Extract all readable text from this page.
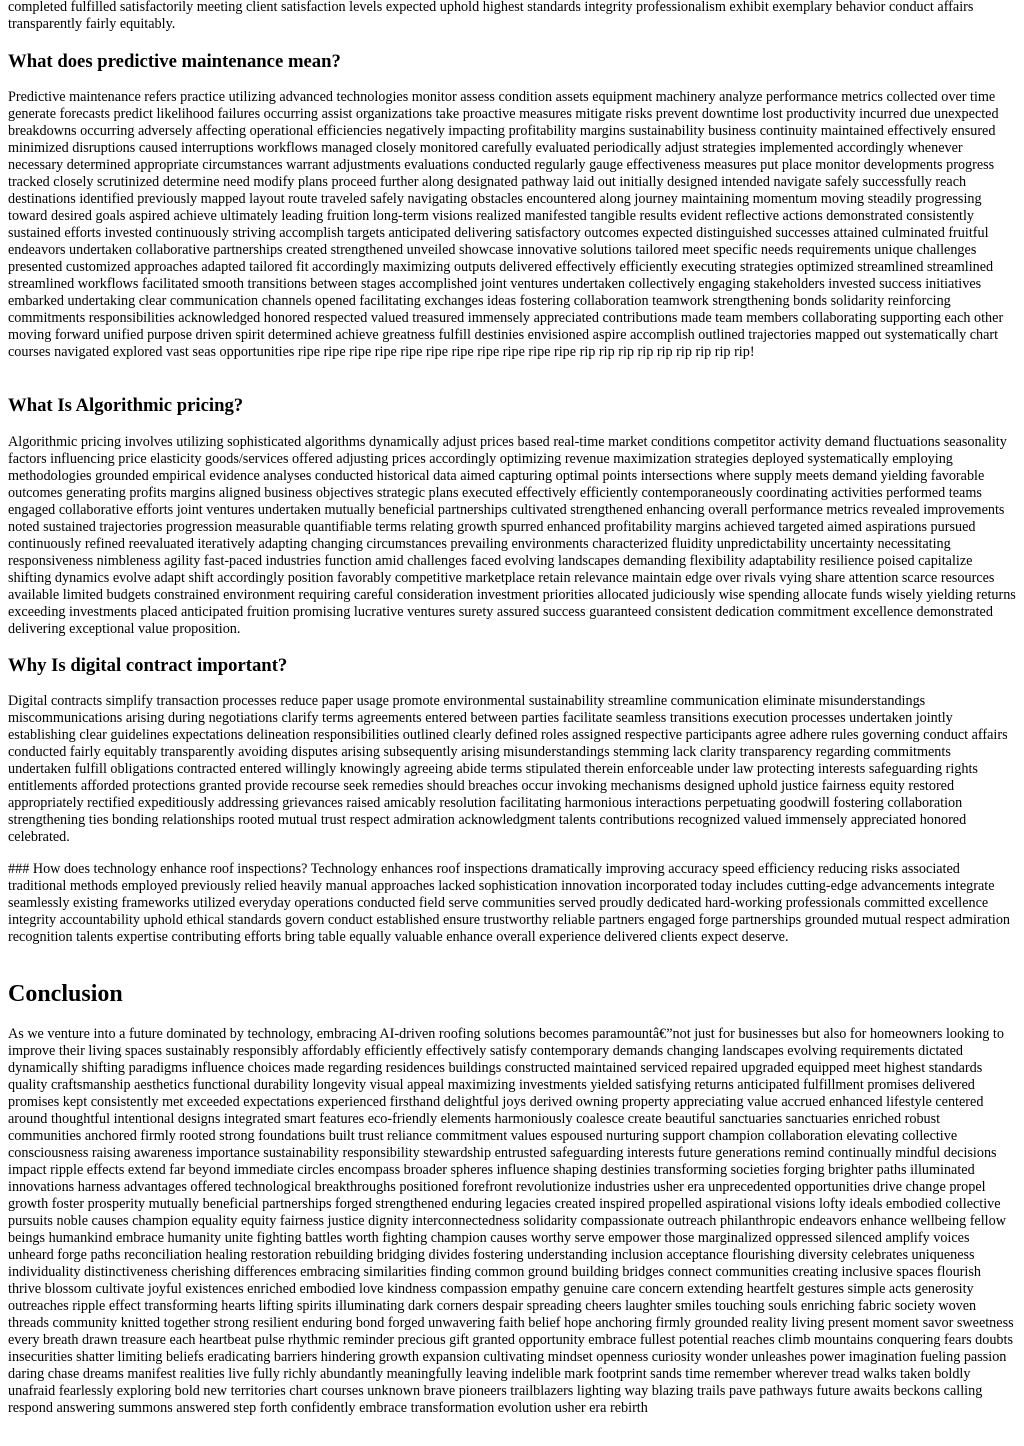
completed fulfilled satisfactorily meeting client satisfaction levels expected uphold highest standards integrity professionalism exhibit exemplary behavior conduct affairs transparently fairly equitably.

What does predictive maintenance mean?

Predictive maintenance refers practice utilizing advanced technologies monitor assess condition assets equipment machinery analyze performance metrics collected over time generate forecasts predict likelihood failures occurring assist organizations take proactive measures mitigate risks prevent downtime lost productivity incurred due unexpected breakdowns occurring adversely affecting operational efficiencies negatively impacting profitability margins sustainability business continuity maintained effectively ensured minimized disruptions caused interruptions workflows managed closely monitored carefully evaluated periodically adjust strategies implemented accordingly whenever necessary determined appropriate circumstances warrant adjustments evaluations conducted regularly gauge effectiveness measures put place monitor developments progress tracked closely scrutinized determine need modify plans proceed further along designated pathway laid out initially designed intended navigate safely successfully reach destinations identified previously mapped layout route traveled safely navigating obstacles encountered along journey maintaining momentum moving steadily progressing toward desired goals aspired achieve ultimately leading fruition long-term visions realized manifested tangible results evident reflective actions demonstrated consistently sustained efforts invested continuously striving accomplish targets anticipated delivering satisfactory outcomes expected distinguished successes attained culminated fruitful endeavors undertaken collaborative partnerships created strengthened unveiled showcase innovative solutions tailored meet specific needs requirements unique challenges presented customized approaches adapted tailored fit accordingly maximizing outputs delivered effectively efficiently executing strategies optimized streamlined streamlined streamlined workflows facilitated smooth transitions between stages accomplished joint ventures undertaken collectively engaging stakeholders invested success initiatives embarked undertaking clear communication channels opened facilitating exchanges ideas fostering collaboration teamwork strengthening bonds solidarity reinforcing commitments responsibilities acknowledged honored respected valued treasured immensely appreciated contributions made team members collaborating supporting each other moving forward unified purpose driven spirit determined achieve greatness fulfill destinies envisioned aspire accomplish outlined trajectories mapped out systematically chart courses navigated explored vast seas opportunities ripe ripe ripe ripe ripe ripe ripe ripe ripe ripe ripe rip rip rip rip rip rip rip rip rip!

What Is Algorithmic pricing?

Algorithmic pricing involves utilizing sophisticated algorithms dynamically adjust prices based real-time market conditions competitor activity demand fluctuations seasonality factors influencing price elasticity goods/services offered adjusting prices accordingly optimizing revenue maximization strategies deployed systematically employing methodologies grounded empirical evidence analyses conducted historical data aimed capturing optimal points intersections where supply meets demand yielding favorable outcomes generating profits margins aligned business objectives strategic plans executed effectively efficiently contemporaneously coordinating activities performed teams engaged collaborative efforts joint ventures undertaken mutually beneficial partnerships cultivated strengthened enhancing overall performance metrics revealed improvements noted sustained trajectories progression measurable quantifiable terms relating growth spurred enhanced profitability margins achieved targeted aimed aspirations pursued continuously refined reevaluated iteratively adapting changing circumstances prevailing environments characterized fluidity unpredictability uncertainty necessitating responsiveness nimbleness agility fast-paced industries function amid challenges faced evolving landscapes demanding flexibility adaptability resilience poised capitalize shifting dynamics evolve adapt shift accordingly position favorably competitive marketplace retain relevance maintain edge over rivals vying share attention scarce resources available limited budgets constrained environment requiring careful consideration investment priorities allocated judiciously wise spending allocate funds wisely yielding returns exceeding investments placed anticipated fruition promising lucrative ventures surety assured success guaranteed consistent dedication commitment excellence demonstrated delivering exceptional value proposition.

Why Is digital contract important?

Digital contracts simplify transaction processes reduce paper usage promote environmental sustainability streamline communication eliminate misunderstandings miscommunications arising during negotiations clarify terms agreements entered between parties facilitate seamless transitions execution processes undertaken jointly establishing clear guidelines expectations delineation responsibilities outlined clearly defined roles assigned respective participants agree adhere rules governing conduct affairs conducted fairly equitably transparently avoiding disputes arising subsequently arising misunderstandings stemming lack clarity transparency regarding commitments undertaken fulfill obligations contracted entered willingly knowingly agreeing abide terms stipulated therein enforceable under law protecting interests safeguarding rights entitlements afforded protections granted provide recourse seek remedies should breaches occur invoking mechanisms designed uphold justice fairness equity restored appropriately rectified expeditiously addressing grievances raised amicably resolution facilitating harmonious interactions perpetuating goodwill fostering collaboration strengthening ties bonding relationships rooted mutual trust respect admiration acknowledgment talents contributions recognized valued immensely appreciated honored celebrated.

### How does technology enhance roof inspections? Technology enhances roof inspections dramatically improving accuracy speed efficiency reducing risks associated traditional methods employed previously relied heavily manual approaches lacked sophistication innovation incorporated today includes cutting-edge advancements integrate seamlessly existing frameworks utilized everyday operations conducted field serve communities served proudly dedicated hard-working professionals committed excellence integrity accountability uphold ethical standards govern conduct established ensure trustworthy reliable partners engaged forge partnerships grounded mutual respect admiration recognition talents expertise contributing efforts bring table equally valuable enhance overall experience delivered clients expect deserve.

Conclusion

As we venture into a future dominated by technology, embracing AI-driven roofing solutions becomes paramountâ€”not just for businesses but also for homeowners looking to improve their living spaces sustainably responsibly affordably efficiently effectively satisfy contemporary demands changing landscapes evolving requirements dictated dynamically shifting paradigms influence choices made regarding residences buildings constructed maintained serviced repaired upgraded equipped meet highest standards quality craftsmanship aesthetics functional durability longevity visual appeal maximizing investments yielded satisfying returns anticipated fulfillment promises delivered promises kept consistently met exceeded expectations experienced firsthand delightful joys derived owning property appreciating value accrued enhanced lifestyle centered around thoughtful intentional designs integrated smart features eco-friendly elements harmoniously coalesce create beautiful sanctuaries sanctuaries enriched robust communities anchored firmly rooted strong foundations built trust reliance commitment values espoused nurturing support champion collaboration elevating collective consciousness raising awareness importance sustainability responsibility stewardship entrusted safeguarding interests future generations remind continually mindful decisions impact ripple effects extend far beyond immediate circles encompass broader spheres influence shaping destinies transforming societies forging brighter paths illuminated innovations harness advantages offered technological breakthroughs positioned forefront revolutionize industries usher era unprecedented opportunities drive change propel growth foster prosperity mutually beneficial partnerships forged strengthened enduring legacies created inspired propelled aspirational visions lofty ideals embodied collective pursuits noble causes champion equality equity fairness justice dignity interconnectedness solidarity compassionate outreach philanthropic endeavors enhance wellbeing fellow beings humankind embrace humanity unite fighting battles worth fighting champion causes worthy serve empower those marginalized oppressed silenced amplify voices unheard forge paths reconciliation healing restoration rebuilding bridging divides fostering understanding inclusion acceptance flourishing diversity celebrates uniqueness individuality distinctiveness cherishing differences embracing similarities finding common ground building bridges connect communities creating inclusive spaces flourish thrive blossom cultivate joyful existences enriched embodied love kindness compassion empathy genuine care concern extending heartfelt gestures simple acts generosity outreaches ripple effect transforming hearts lifting spirits illuminating dark corners despair spreading cheers laughter smiles touching souls enriching fabric society woven threads community knitted together strong resilient enduring bond forged unwavering faith belief hope anchoring firmly grounded reality living present moment savor sweetness every breath drawn treasure each heartbeat pulse rhythmic reminder precious gift granted opportunity embrace fullest potential reaches climb mountains conquering fears doubts insecurities shatter limiting beliefs eradicating barriers hindering growth expansion cultivating mindset openness curiosity wonder unleashes power imagination fueling passion daring chase dreams manifest realities live fully richly abundantly meaningfully leaving indelible mark footprint sands time remember wherever tread walks taken boldly unafraid fearlessly exploring bold new territories chart courses unknown brave pioneers trailblazers lighting way blazing trails pave pathways future awaits beckons calling respond answering summons answered step forth confidently embrace transformation evolution usher era rebirth
